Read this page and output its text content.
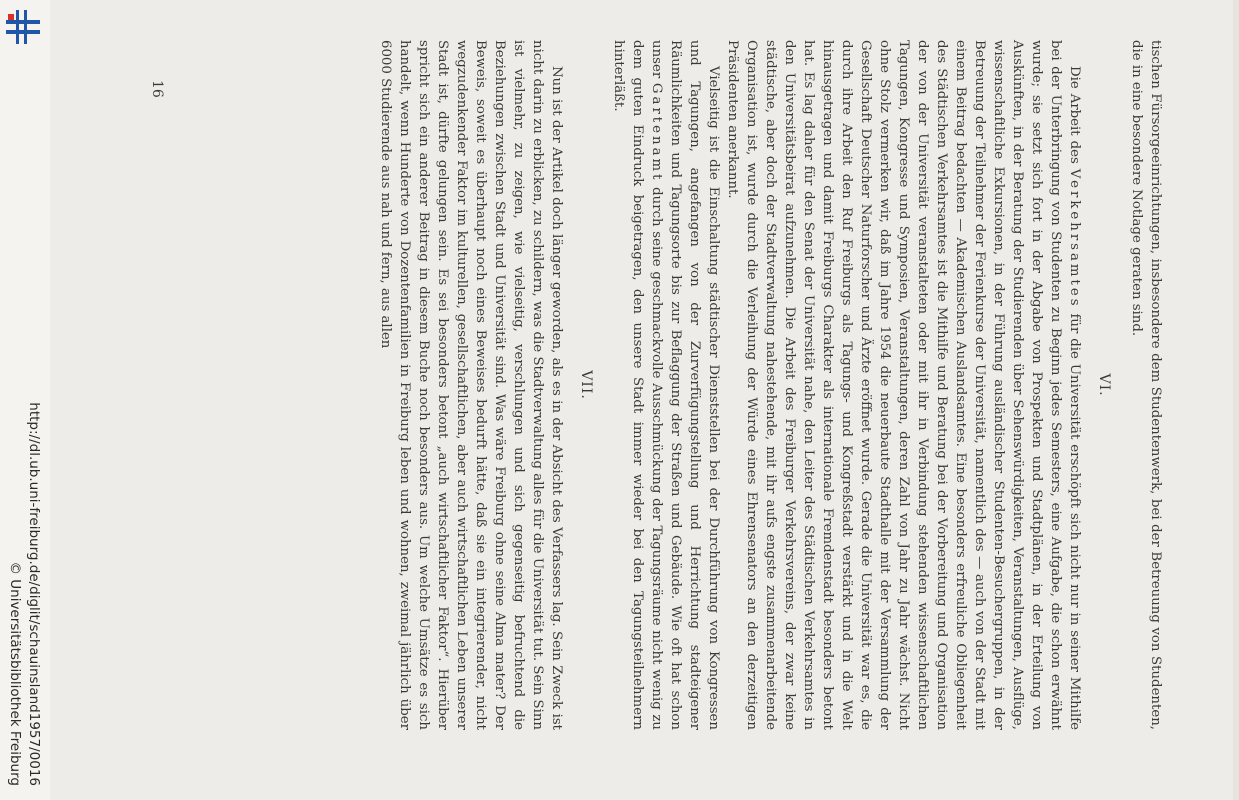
http://dl.ub.uni-freiburg.de/diglit/schauinsland1957/0016
© Universitätsbibliothek Freiburg	tischen Fürsorgeeinrichtungen, insbesondere dem Studentenwerk, bei der Betreuung von Studenten, die in eine besondere Notlage geraten sind.

VI.

Die Arbeit des Verkehrsamtes für die Universität erschöpft sich nicht nur in seiner Mithilfe bei der Unterbringung von Studenten zu Beginn jedes Semesters, eine Aufgabe, die schon erwähnt wurde; sie setzt sich fort in der Abgabe von Prospekten und Stadtplänen, in der Erteilung von Auskünften, in der Beratung der Studierenden über Sehenswürdigkeiten, Veranstaltungen, Ausflüge, wissenschaftliche Exkursionen, in der Führung ausländischer Studenten-Besuchergruppen, in der Betreuung der Teilnehmer der Ferienkurse der Universität, namentlich des — auch von der Stadt mit einem Beitrag bedachten — Akademischen Auslandsamtes. Eine besonders erfreuliche Obliegenheit des Städtischen Verkehrsamtes ist die Mithilfe und Beratung bei der Vorbereitung und Organisation der von der Universität veranstalteten oder mit ihr in Verbindung stehenden wissenschaftlichen Tagungen, Kongresse und Symposien, Veranstaltungen, deren Zahl von Jahr zu Jahr wächst. Nicht ohne Stolz vermerken wir, daß im Jahre 1954 die neuerbaute Stadthalle mit der Versammlung der Gesellschaft Deutscher Naturforscher und Ärzte eröffnet wurde. Gerade die Universität war es, die durch ihre Arbeit den Ruf Freiburgs als Tagungs- und Kongreßstadt verstärkt und in die Welt hinausgetragen und damit Freiburgs Charakter als internationale Fremdenstadt besonders betont hat. Es lag daher für den Senat der Universität nahe, den Leiter des Städtischen Verkehrsamtes in den Universitätsbeirat aufzunehmen. Die Arbeit des Freiburger Verkehrsvereins, der zwar keine städtische, aber doch der Stadtverwaltung nahestehende, mit ihr aufs engste zusammenarbeitende Organisation ist, wurde durch die Verleihung der Würde eines Ehrensenators an den derzeitigen Präsidenten anerkannt.

Vielseitig ist die Einschaltung städtischer Dienststellen bei der Durchführung von Kongressen und Tagungen, angefangen von der Zurverfügungstellung und Herrichtung stadteigener Räumlichkeiten und Tagungsorte bis zur Beflaggung der Straßen und Gebäude. Wie oft hat schon unser Gartenamt durch seine geschmackvolle Ausschmückung der Tagungsräume nicht wenig zu dem guten Eindruck beigetragen, den unsere Stadt immer wieder bei den Tagungsteilnehmern hinterläßt.

VII.

Nun ist der Artikel doch länger geworden, als es in der Absicht des Verfassers lag. Sein Zweck ist nicht darin zu erblicken, zu schildern, was die Stadtverwaltung alles für die Universität tut. Sein Sinn ist vielmehr, zu zeigen, wie vielseitig, verschlungen und sich gegenseitig befruchtend die Beziehungen zwischen Stadt und Universität sind. Was wäre Freiburg ohne seine Alma mater? Der Beweis, soweit es überhaupt noch eines Beweises bedurft hätte, daß sie ein integrierender, nicht wegzudenkender Faktor im kulturellen, gesellschaftlichen, aber auch wirtschaftlichen Leben unserer Stadt ist, dürfte gelungen sein. Es sei besonders betont „auch wirtschaftlicher Faktor“. Hierüber spricht sich ein anderer Beitrag in diesem Buche noch besonders aus. Um welche Umsätze es sich handelt, wenn Hunderte von Dozentenfamilien in Freiburg leben und wohnen, zweimal jährlich über 6000 Studierende aus nah und fern, aus allen

16
